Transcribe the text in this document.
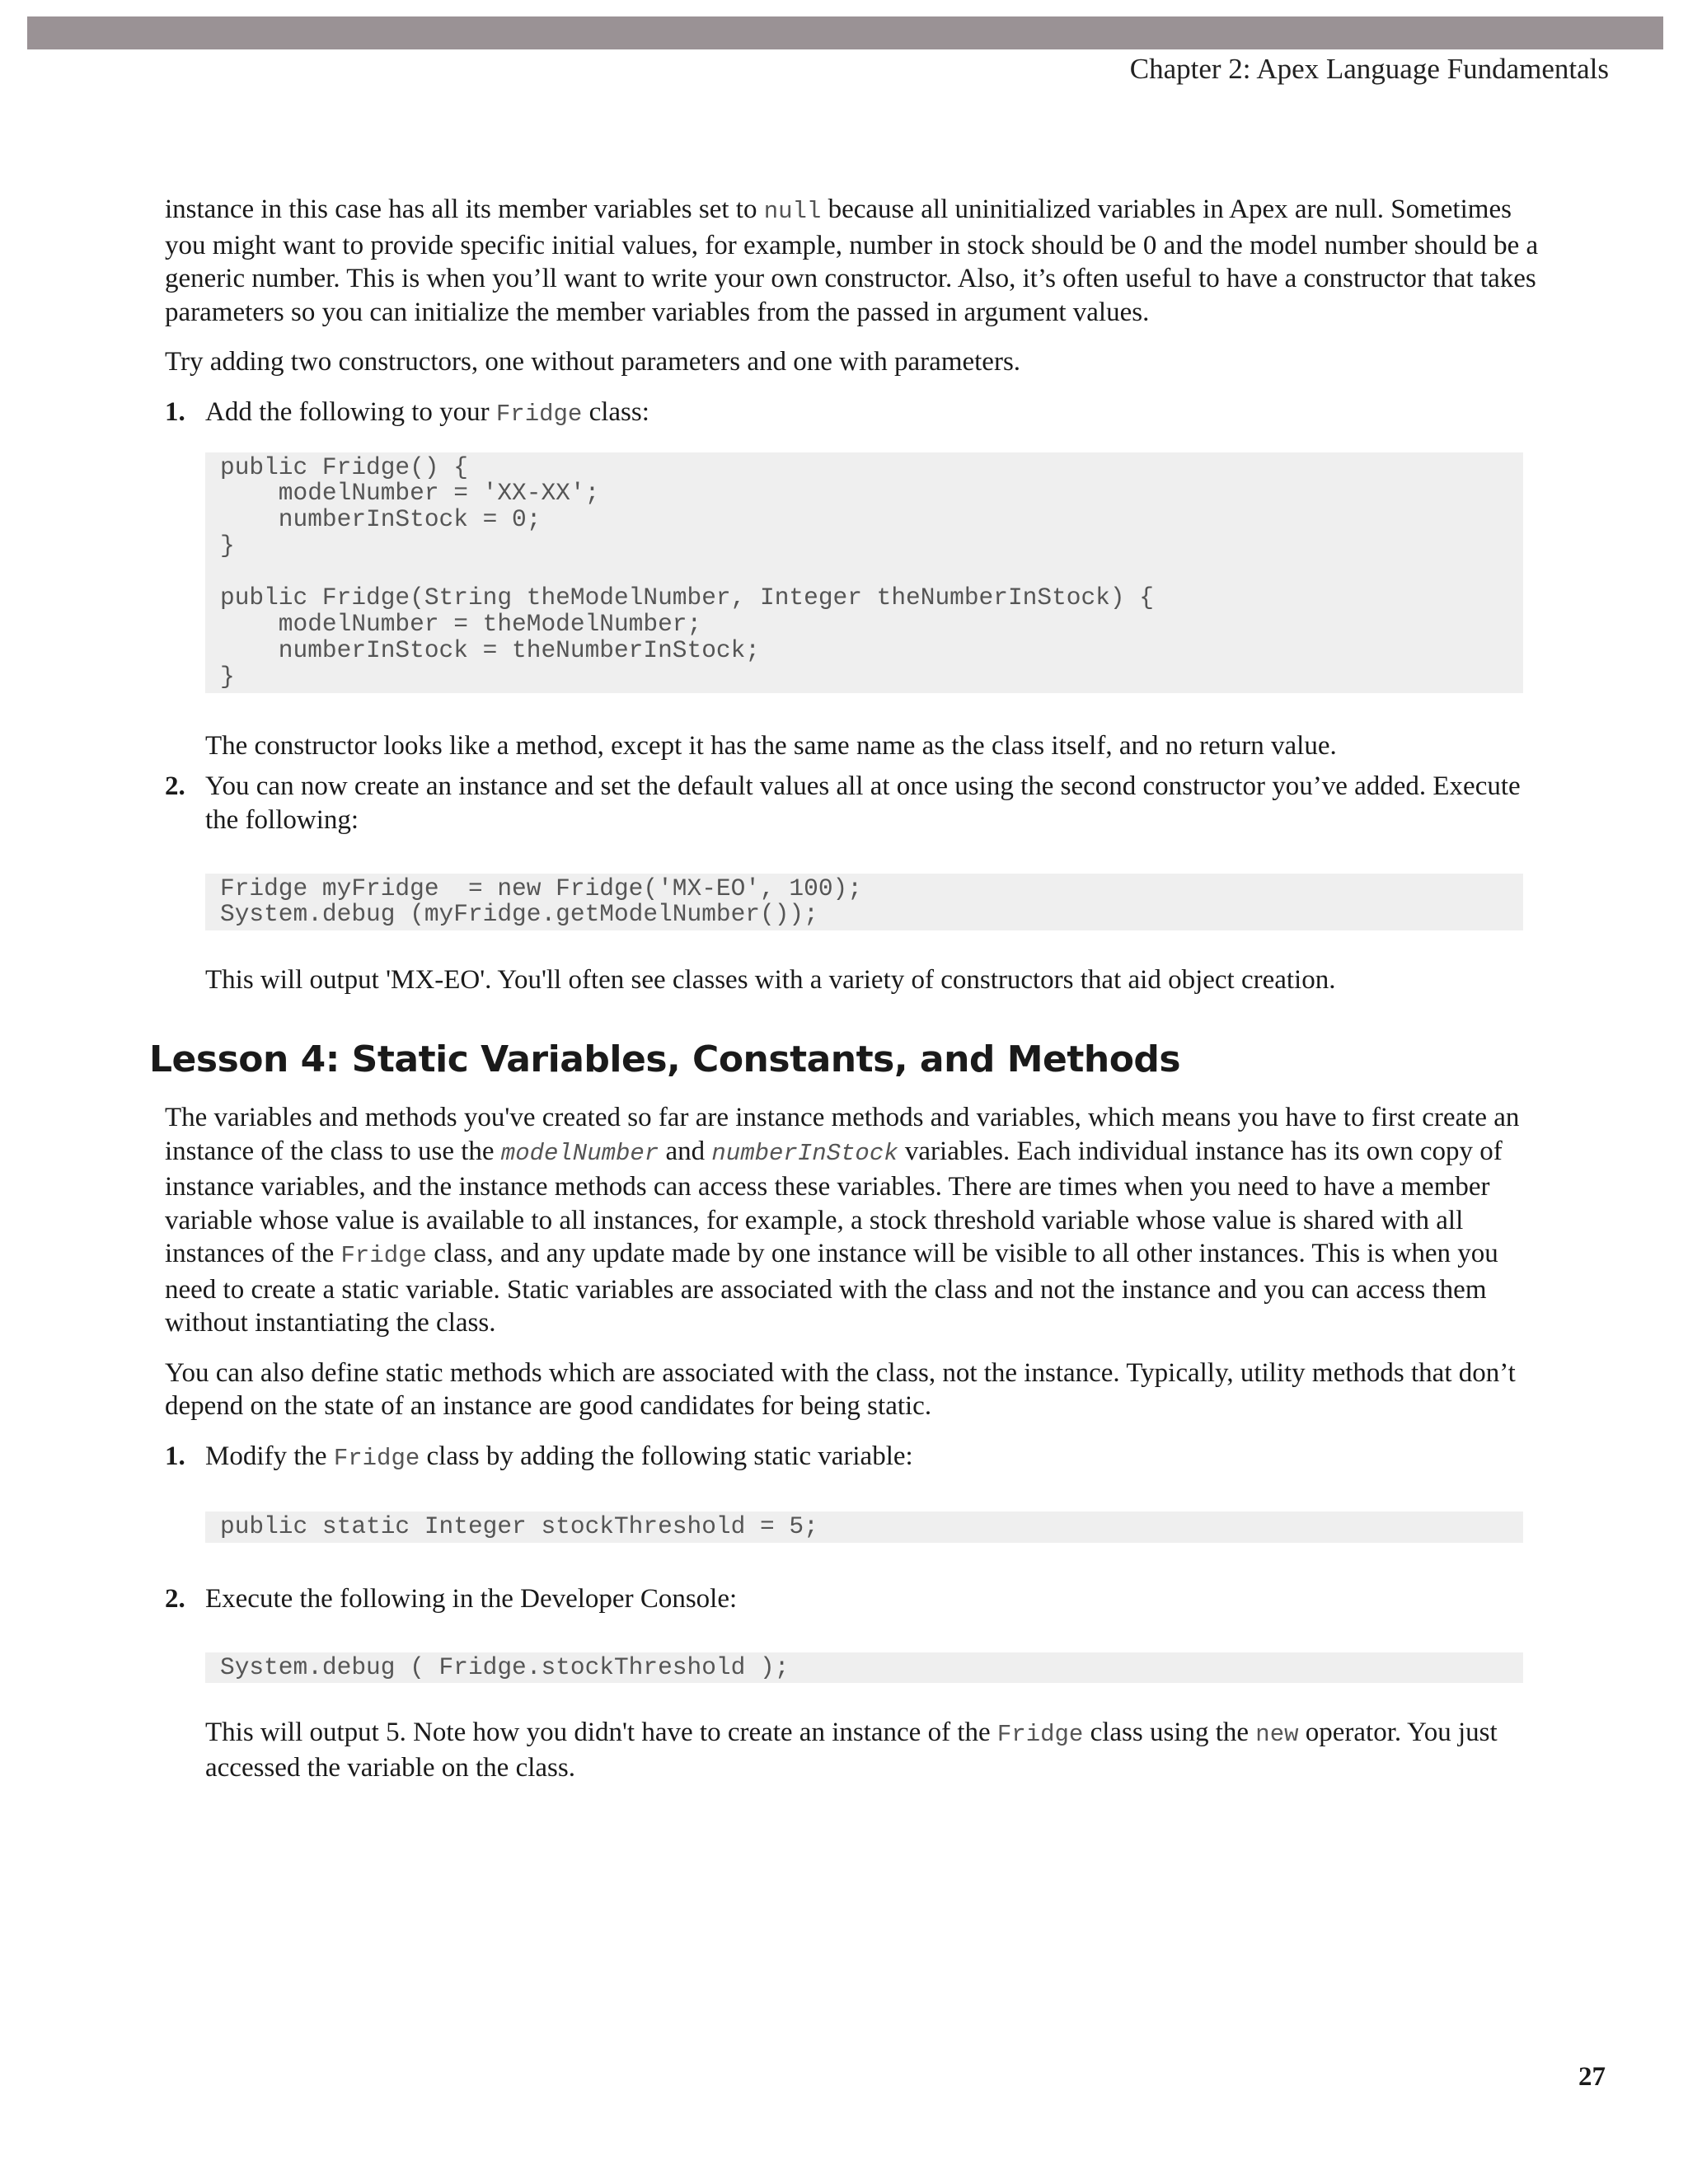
Chapter 2: Apex Language Fundamentals

instance in this case has all its member variables set to null because all uninitialized variables in Apex are null. Sometimes you might want to provide specific initial values, for example, number in stock should be 0 and the model number should be a generic number. This is when you’ll want to write your own constructor. Also, it’s often useful to have a constructor that takes parameters so you can initialize the member variables from the passed in argument values.

Try adding two constructors, one without parameters and one with parameters.

1. Add the following to your Fridge class:
public Fridge() {
modelNumber = 'XX-XX';
numberInStock = 0;
}

public Fridge(String theModelNumber, Integer theNumberInStock) {
modelNumber = theModelNumber;
numberInStock = theNumberInStock;
}

The constructor looks like a method, except it has the same name as the class itself, and no return value.

2. You can now create an instance and set the default values all at once using the second constructor you’ve added. Execute the following:
Fridge myFridge  = new Fridge('MX-EO', 100);
System.debug (myFridge.getModelNumber());

This will output 'MX-EO'. You'll often see classes with a variety of constructors that aid object creation.

Lesson 4: Static Variables, Constants, and Methods

The variables and methods you've created so far are instance methods and variables, which means you have to first create an instance of the class to use the modelNumber and numberInStock variables. Each individual instance has its own copy of instance variables, and the instance methods can access these variables. There are times when you need to have a member variable whose value is available to all instances, for example, a stock threshold variable whose value is shared with all instances of the Fridge class, and any update made by one instance will be visible to all other instances. This is when you need to create a static variable. Static variables are associated with the class and not the instance and you can access them without instantiating the class.

You can also define static methods which are associated with the class, not the instance. Typically, utility methods that don’t depend on the state of an instance are good candidates for being static.

1. Modify the Fridge class by adding the following static variable:
public static Integer stockThreshold = 5;
2. Execute the following in the Developer Console:
System.debug ( Fridge.stockThreshold );

This will output 5. Note how you didn't have to create an instance of the Fridge class using the new operator. You just accessed the variable on the class.

27
